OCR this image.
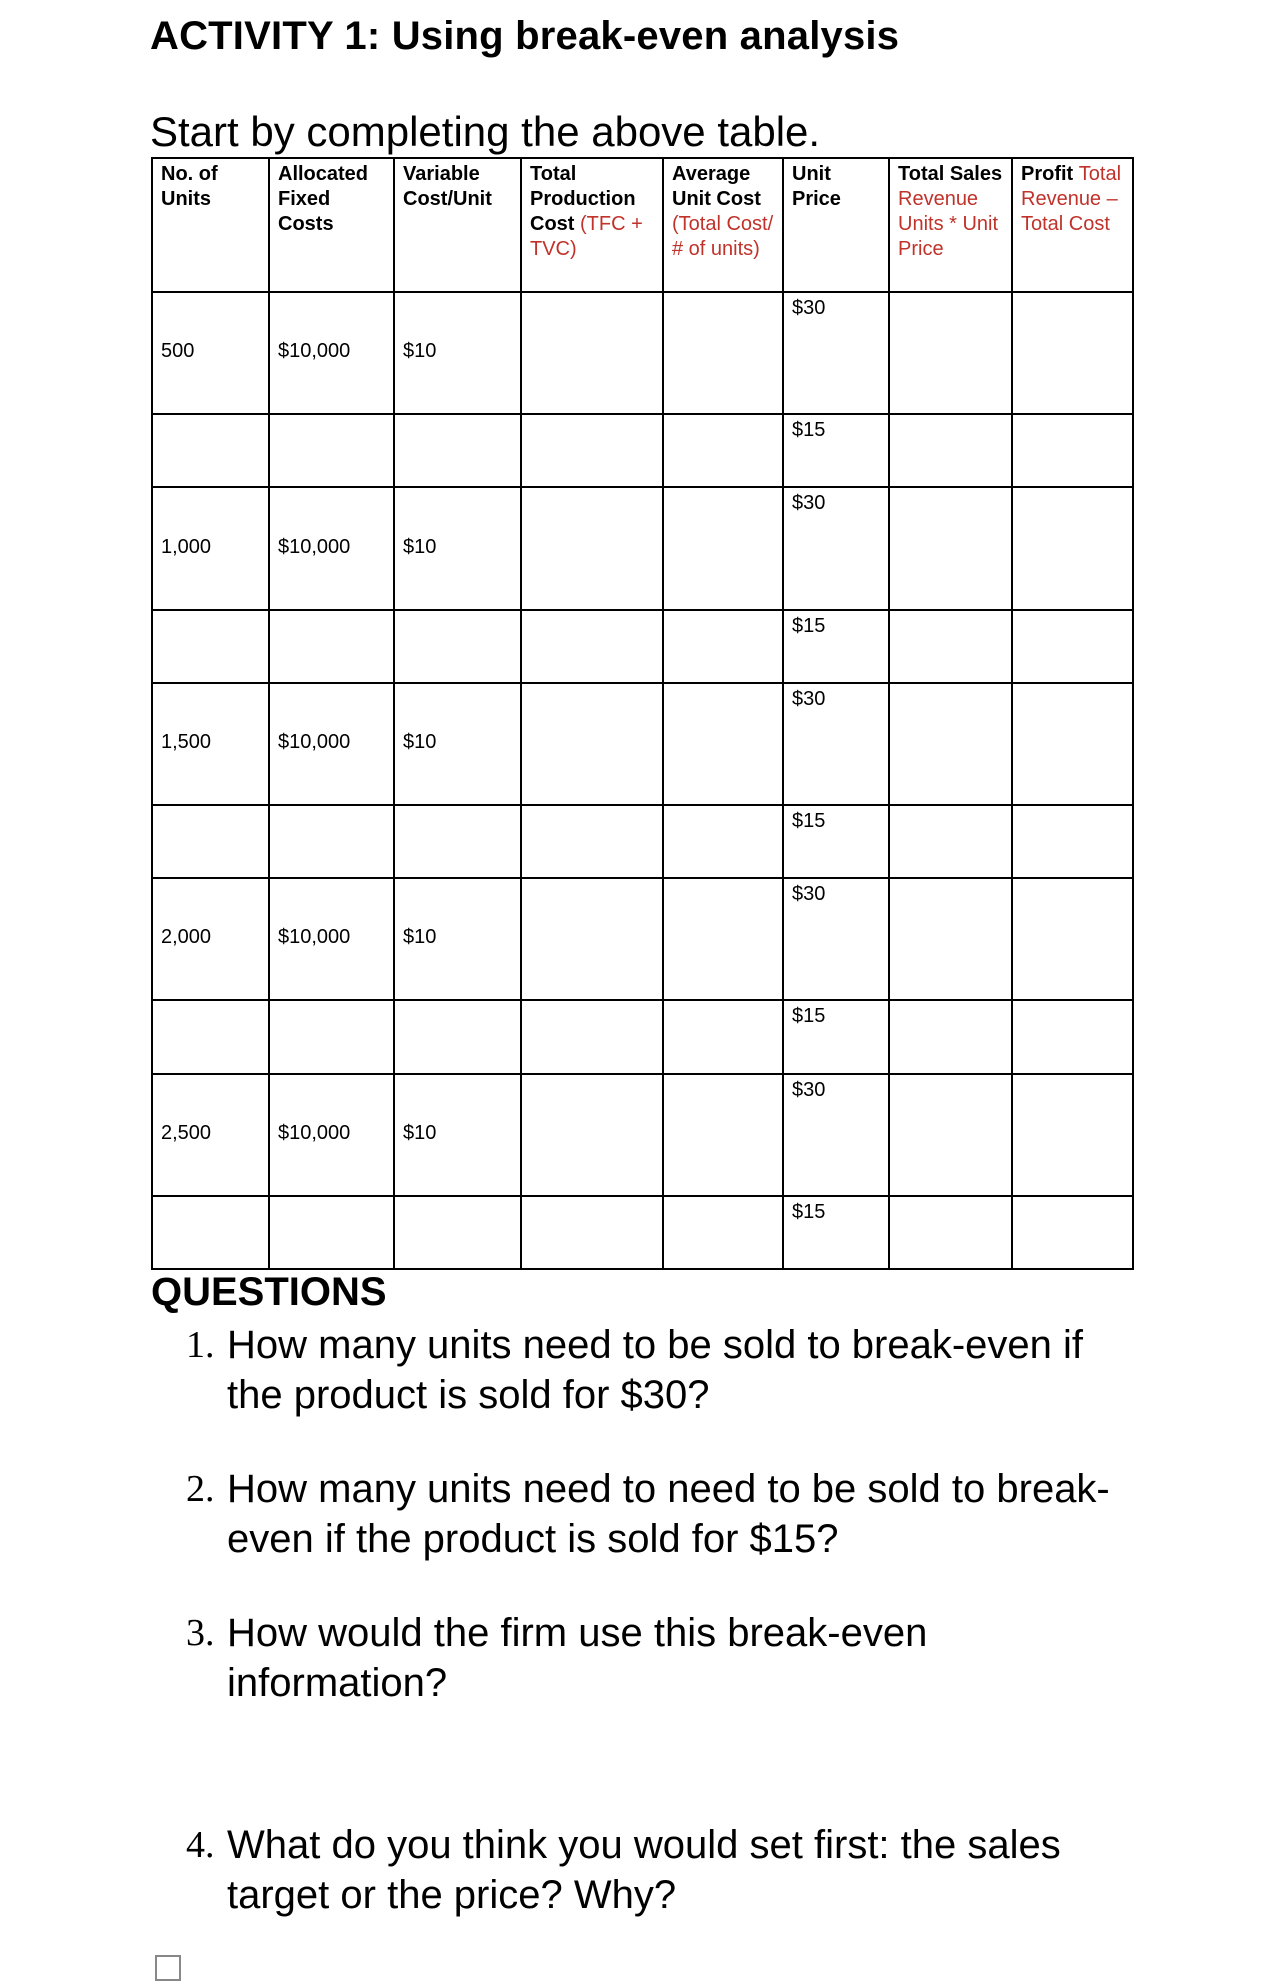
ACTIVITY 1: Using break-even analysis
Start by completing the above table.
No. of Units	Allocated Fixed Costs	Variable Cost/Unit	Total Production Cost (TFC + TVC)	Average Unit Cost (Total Cost/ # of units)	Unit Price	Total Sales Revenue Units * Unit Price	Profit Total Revenue – Total Cost
500	$10,000	$10			$30		
					$15		
1,000	$10,000	$10			$30		
					$15		
1,500	$10,000	$10			$30		
					$15		
2,000	$10,000	$10			$30		
					$15		
2,500	$10,000	$10			$30		
					$15		
QUESTIONS
1. How many units need to be sold to break-even if the product is sold for $30?
2. How many units need to need to be sold to break-even if the product is sold for $15?
3. How would the firm use this break-even information?
4. What do you think you would set first: the sales target or the price? Why?
